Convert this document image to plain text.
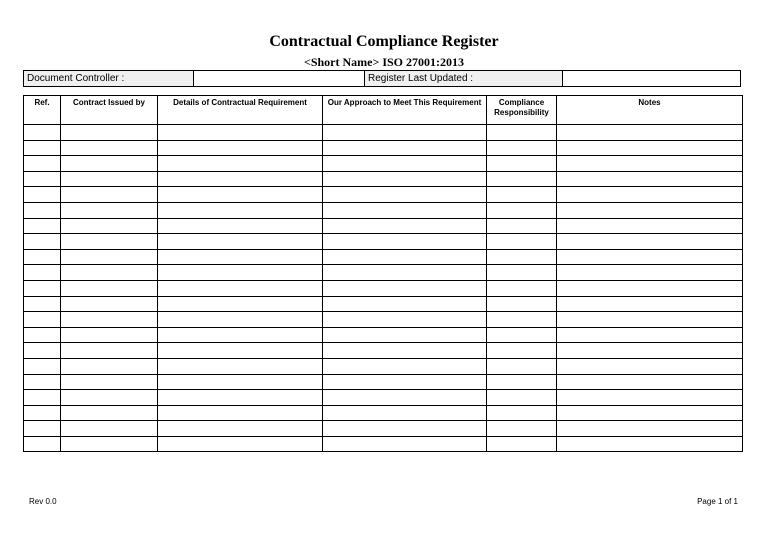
Contractual Compliance Register
<Short Name> ISO 27001:2013
Document Controller :		Register Last Updated :	
Ref.	Contract Issued by	Details of Contractual Requirement	Our Approach to Meet This Requirement	Compliance Responsibility	Notes

Rev 0.0	Page 1 of 1
